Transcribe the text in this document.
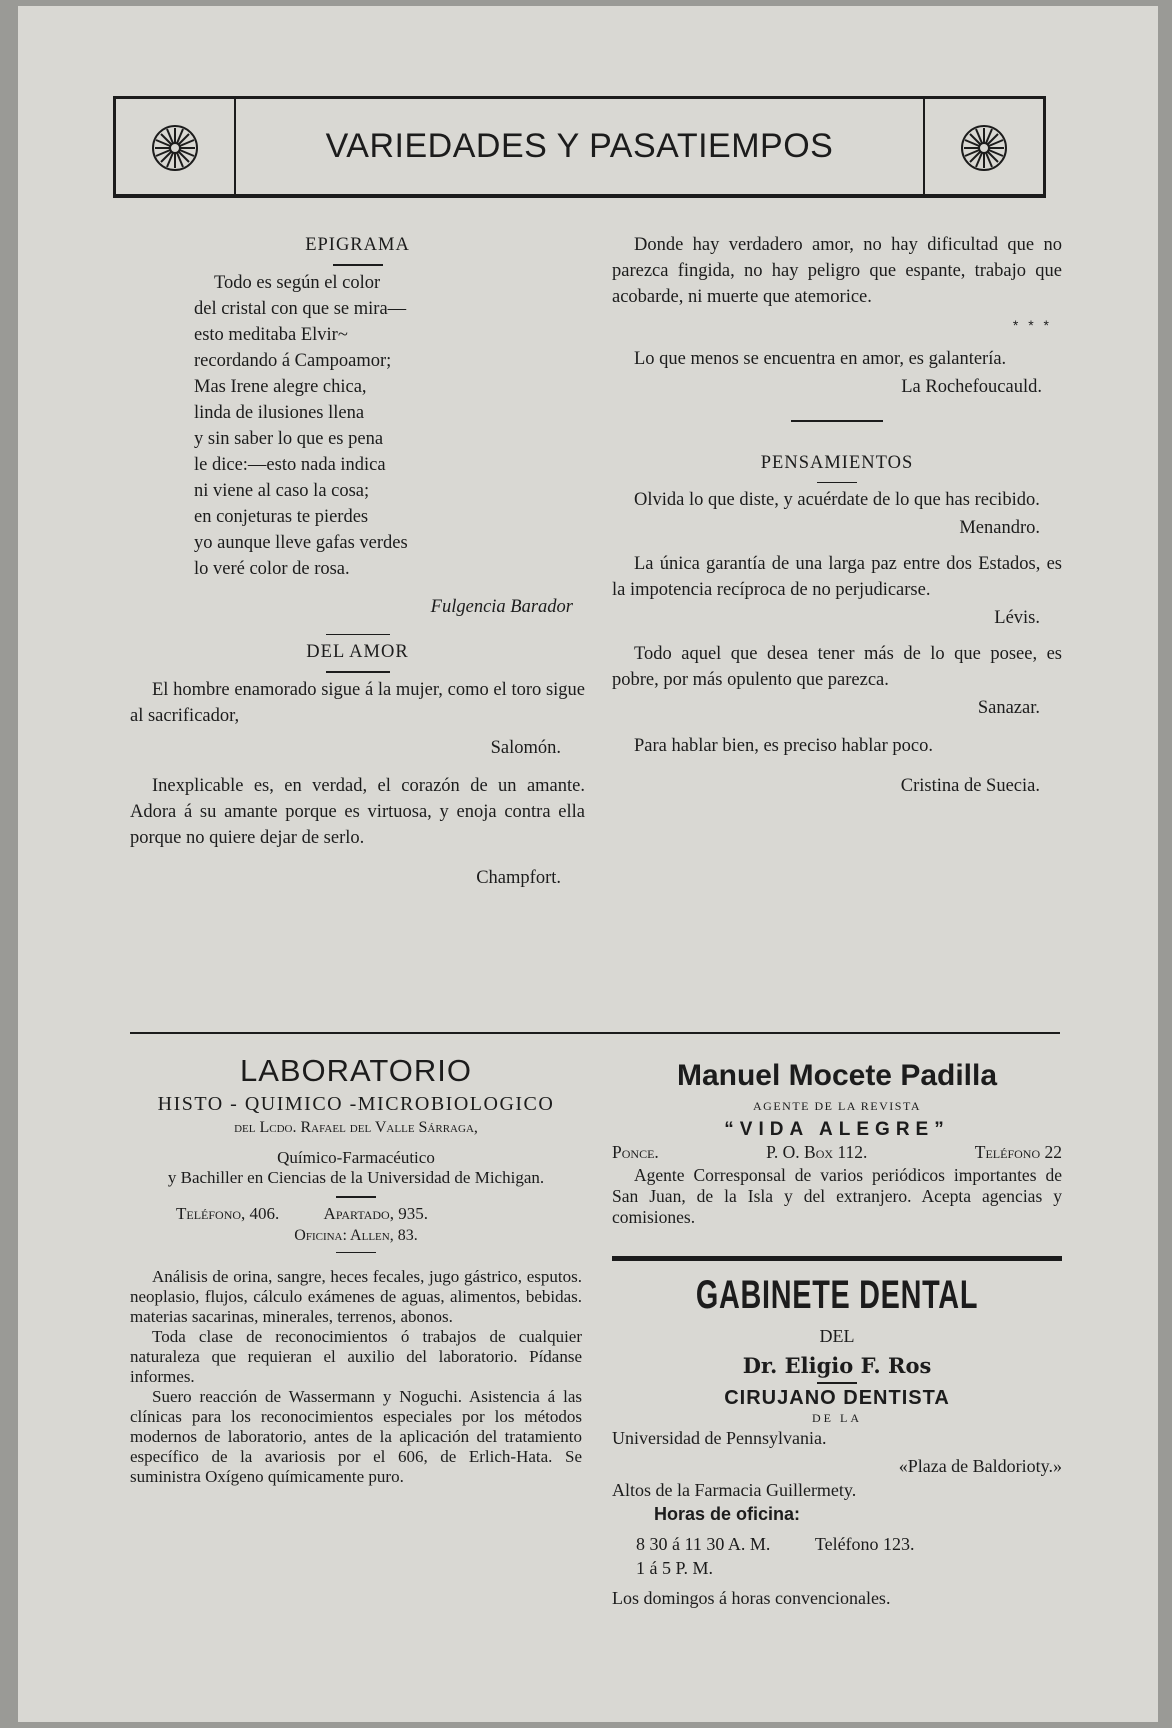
VARIEDADES Y PASATIEMPOS
EPIGRAMA
Todo es según el color
del cristal con que se mira—
esto meditaba Elvir~
recordando á Campoamor;
Mas Irene alegre chica,
linda de ilusiones llena
y sin saber lo que es pena
le dice:—esto nada indica
ni viene al caso la cosa;
en conjeturas te pierdes
yo aunque lleve gafas verdes
lo veré color de rosa.
Fulgencia Barador
DEL AMOR
El hombre enamorado sigue á la mujer, como el toro sigue al sacrificador,
Salomón.
Inexplicable es, en verdad, el corazón de un amante. Adora á su amante porque es virtuosa, y enoja contra ella porque no quiere dejar de serlo.
Champfort.
Donde hay verdadero amor, no hay dificultad que no parezca fingida, no hay peligro que espante, trabajo que acobarde, ni muerte que atemorice.
* * *
Lo que menos se encuentra en amor, es galantería.
La Rochefoucauld.
PENSAMIENTOS
Olvida lo que diste, y acuérdate de lo que has recibido.
Menandro.
La única garantía de una larga paz entre dos Estados, es la impotencia recíproca de no perjudicarse.
Lévis.
Todo aquel que desea tener más de lo que posee, es pobre, por más opulento que parezca.
Sanazar.
Para hablar bien, es preciso hablar poco.
Cristina de Suecia.
LABORATORIO
HISTO - QUIMICO -MICROBIOLOGICO
del Lcdo. Rafael del Valle Sárraga,
Químico-Farmacéutico
y Bachiller en Ciencias de la Universidad de Michigan.
Teléfono, 406.	Apartado, 935.
Oficina: Allen, 83.
Análisis de orina, sangre, heces fecales, jugo gástrico, esputos. neoplasio, flujos, cálculo exámenes de aguas, alimentos, bebidas. materias sacarinas, minerales, terrenos, abonos.
Toda clase de reconocimientos ó trabajos de cualquier naturaleza que requieran el auxilio del laboratorio. Pídanse informes.
Suero reacción de Wassermann y Noguchi. Asistencia á las clínicas para los reconocimientos especiales por los métodos modernos de laboratorio, antes de la aplicación del tratamiento específico de la avariosis por el 606, de Erlich-Hata. Se suministra Oxígeno químicamente puro.
Manuel Mocete Padilla
AGENTE DE LA REVISTA
“VIDA ALEGRE”
Ponce.	P. O. Box 112.	Teléfono 22
Agente Corresponsal de varios periódicos importantes de San Juan, de la Isla y del extranjero. Acepta agencias y comisiones.
GABINETE DENTAL
DEL
Dr. Eligio F. Ros
CIRUJANO DENTISTA
DE LA
Universidad de Pennsylvania.
«Plaza de Baldorioty.»
Altos de la Farmacia Guillermety.
Horas de oficina:
8 30 á 11 30 A. M. Teléfono 123.
1 á 5 P. M.
Los domingos á horas convencionales.
